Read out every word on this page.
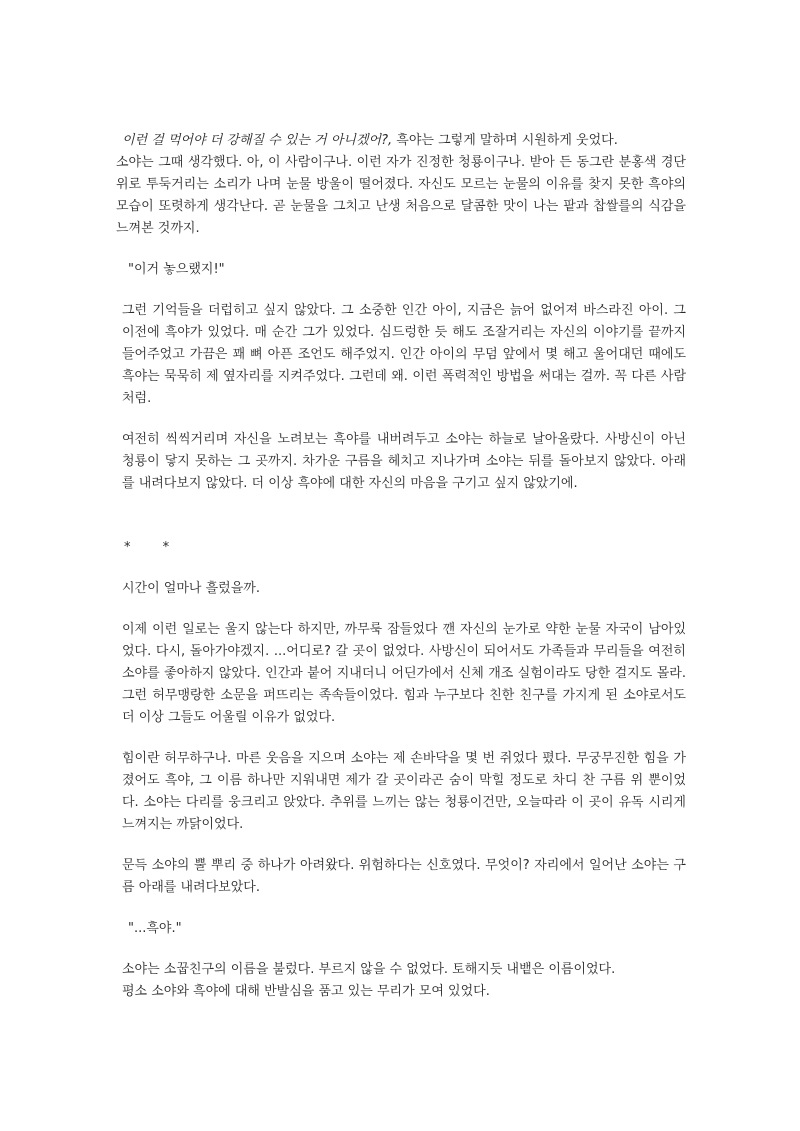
이런 걸 먹어야 더 강해질 수 있는 거 아니겠어?, 흑야는 그렇게 말하며 시원하게 웃었다.

소야는 그때 생각했다. 아, 이 사람이구나. 이런 자가 진정한 청룡이구나. 받아 든 동그란 분홍색 경단 위로 투둑거리는 소리가 나며 눈물 방울이 떨어졌다. 자신도 모르는 눈물의 이유를 찾지 못한 흑야의 모습이 또렷하게 생각난다. 곧 눈물을 그치고 난생 처음으로 달콤한 맛이 나는 팥과 찹쌀를의 식감을 느껴본 것까지.

"이거 놓으랬지!"

그런 기억들을 더럽히고 싶지 않았다. 그 소중한 인간 아이, 지금은 늙어 없어져 바스라진 아이. 그 이전에 흑야가 있었다. 매 순간 그가 있었다. 심드렁한 듯 해도 조잘거리는 자신의 이야기를 끝까지 들어주었고 가끔은 꽤 뼈 아픈 조언도 해주었지. 인간 아이의 무덤 앞에서 몇 해고 울어대던 때에도 흑야는 묵묵히 제 옆자리를 지켜주었다. 그런데 왜. 이런 폭력적인 방법을 써대는 걸까. 꼭 다른 사람처럼.

여전히 씩씩거리며 자신을 노려보는 흑야를 내버려두고 소야는 하늘로 날아올랐다. 사방신이 아닌 청룡이 닿지 못하는 그 곳까지. 차가운 구름을 헤치고 지나가며 소야는 뒤를 돌아보지 않았다. 아래를 내려다보지 않았다. 더 이상 흑야에 대한 자신의 마음을 구기고 싶지 않았기에.

* *

시간이 얼마나 흘렀을까.

이제 이런 일로는 울지 않는다 하지만, 까무룩 잠들었다 깬 자신의 눈가로 약한 눈물 자국이 남아있었다. 다시, 돌아가야겠지. ...어디로? 갈 곳이 없었다. 사방신이 되어서도 가족들과 무리들을 여전히 소야를 좋아하지 않았다. 인간과 붙어 지내더니 어딘가에서 신체 개조 실험이라도 당한 걸지도 몰라. 그런 허무맹랑한 소문을 퍼뜨리는 족속들이었다. 힘과 누구보다 친한 친구를 가지게 된 소야로서도 더 이상 그들도 어울릴 이유가 없었다.

힘이란 허무하구나. 마른 웃음을 지으며 소야는 제 손바닥을 몇 번 쥐었다 폈다. 무궁무진한 힘을 가졌어도 흑야, 그 이름 하나만 지워내면 제가 갈 곳이라곤 숨이 막힐 정도로 차디 찬 구름 위 뿐이었다. 소야는 다리를 웅크리고 앉았다. 추위를 느끼는 않는 청룡이건만, 오늘따라 이 곳이 유독 시리게 느껴지는 까닭이었다.

문득 소야의 뿔 뿌리 중 하나가 아려왔다. 위험하다는 신호였다. 무엇이? 자리에서 일어난 소야는 구름 아래를 내려다보았다.

"...흑야."

소야는 소꿉친구의 이름을 불렀다. 부르지 않을 수 없었다. 토해지듯 내뱉은 이름이었다.

평소 소야와 흑야에 대해 반발심을 품고 있는 무리가 모여 있었다.
